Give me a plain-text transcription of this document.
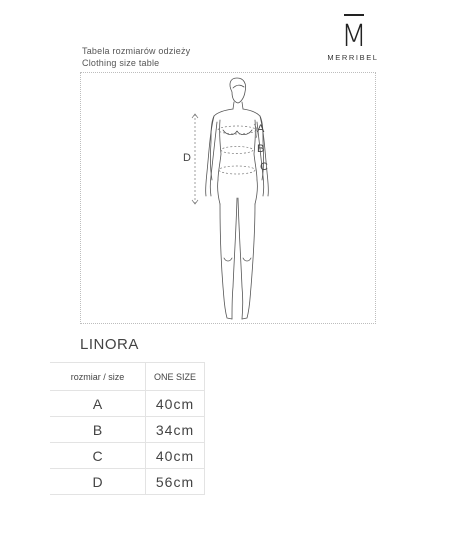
M
MERRIBEL
Tabela rozmiarów odzieży
Clothing size table
A
B
C
D
LINORA
rozmiar / size	ONE SIZE
A	40cm
B	34cm
C	40cm
D	56cm
